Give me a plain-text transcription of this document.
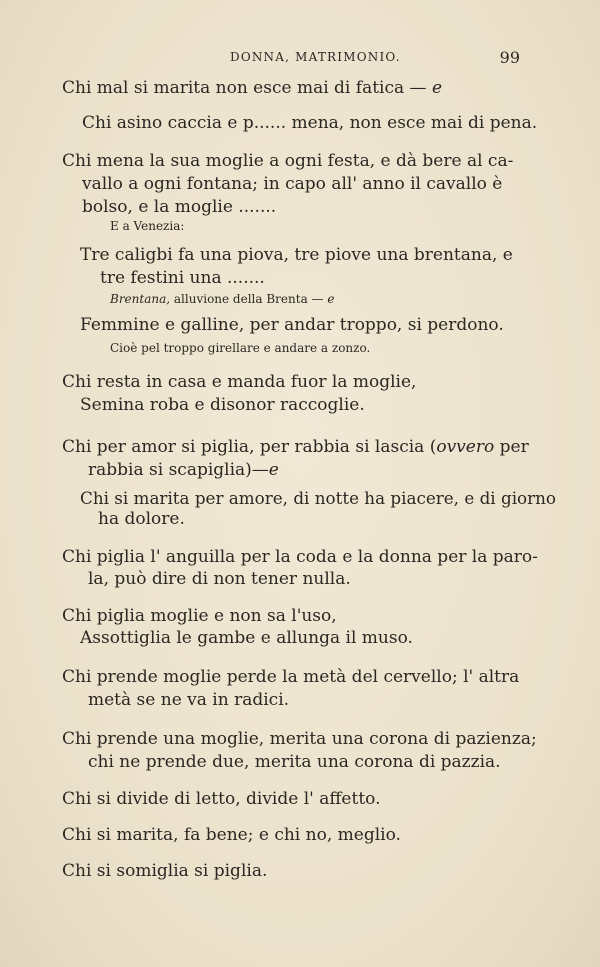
DONNA, MATRIMONIO.	99
Chi mal si marita non esce mai di fatica — e
Chi asino caccia e p...... mena, non esce mai di pena.
Chi mena la sua moglie a ogni festa, e dà bere al ca-
vallo a ogni fontana; in capo all' anno il cavallo è
bolso, e la moglie .......
E a Venezia:
Tre caligbi fa una piova, tre piove una brentana, e
tre festini una .......
Brentana, alluvione della Brenta — e
Femmine e galline, per andar troppo, si perdono.
Cioè pel troppo girellare e andare a zonzo.
Chi resta in casa e manda fuor la moglie,
Semina roba e disonor raccoglie.
Chi per amor si piglia, per rabbia si lascia (ovvero per
rabbia si scapiglia)—e
Chi si marita per amore, di notte ha piacere, e di giorno
ha dolore.
Chi piglia l' anguilla per la coda e la donna per la paro-
la, può dire di non tener nulla.
Chi piglia moglie e non sa l'uso,
Assottiglia le gambe e allunga il muso.
Chi prende moglie perde la metà del cervello; l' altra
metà se ne va in radici.
Chi prende una moglie, merita una corona di pazienza;
chi ne prende due, merita una corona di pazzia.
Chi si divide di letto, divide l' affetto.
Chi si marita, fa bene; e chi no, meglio.
Chi si somiglia si piglia.
